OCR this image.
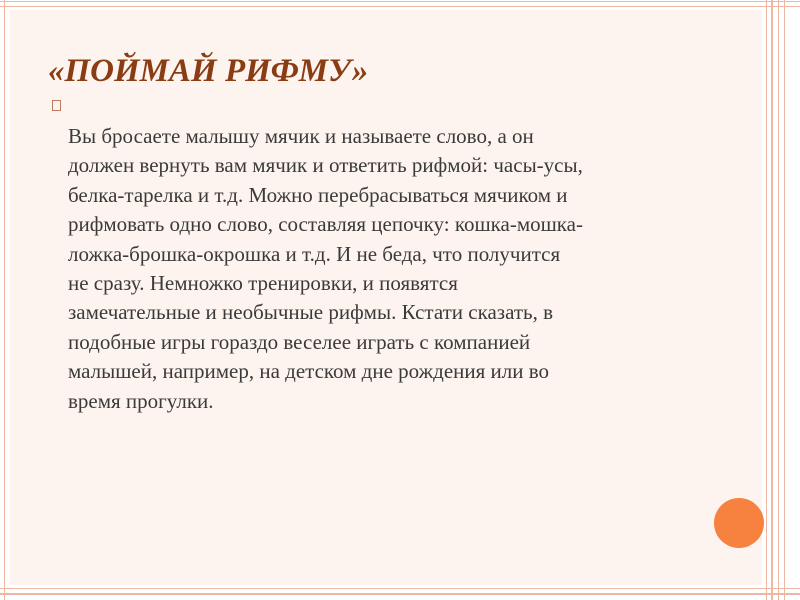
«ПОЙМАЙ РИФМУ»
Вы бросаете малышу мячик и называете слово, а он
должен вернуть вам мячик и ответить рифмой: часы-усы,
белка-тарелка и т.д. Можно перебрасываться мячиком и
рифмовать одно слово, составляя цепочку: кошка-мошка-
ложка-брошка-окрошка и т.д. И не беда, что получится
не сразу. Немножко тренировки, и появятся
замечательные и необычные рифмы. Кстати сказать, в
подобные игры гораздо веселее играть с компанией
малышей, например, на детском дне рождения или во
время прогулки.
